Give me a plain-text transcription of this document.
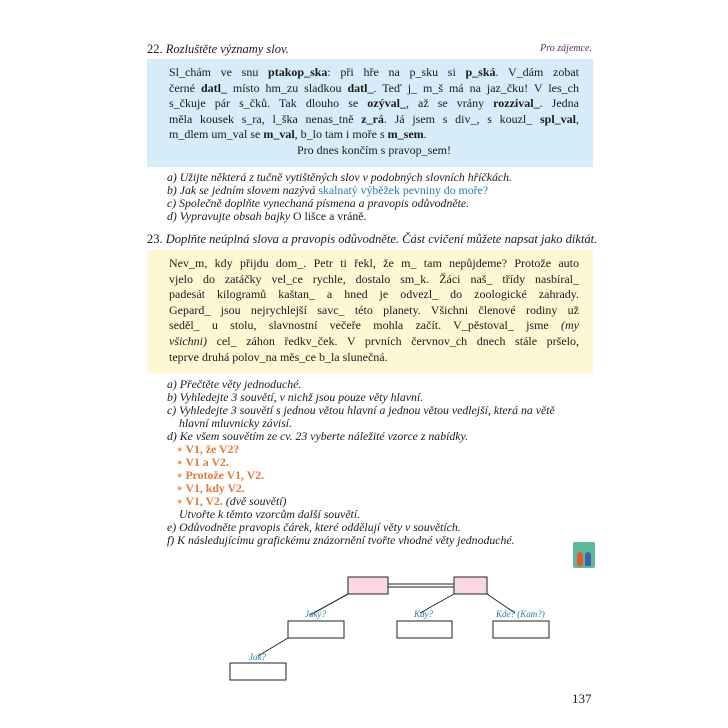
22. Rozluštěte významy slov.	Pro zájemce.

Sl_chám ve snu ptakop_ska: při hře na p_sku si p_ská. V_dám zobat

černé datl_ místo hm_zu sladkou datl_. Teď j_ m_š má na jaz_čku! V les_ch

s_čkuje pár s_čků. Tak dlouho se ozýval_, až se vrány rozzíval_. Jedna

měla kousek s_ra, l_ška nenas_tně z_rá. Já jsem s div_, s kouzl_ spl_val,

m_dlem um_val se m_val, b_lo tam i moře s m_sem.

Pro dnes končím s pravop_sem!

a) Užijte některá z tučně vytištěných slov v podobných slovních hříčkách.
b) Jak se jedním slovem nazývá skalnatý výběžek pevniny do moře?
c) Společně doplňte vynechaná písmena a pravopis odůvodněte.
d) Vypravujte obsah bajky O lišce a vráně.
23. Doplňte neúplná slova a pravopis odůvodněte. Část cvičení můžete napsat jako diktát.

Nev_m, kdy přijdu dom_. Petr ti řekl, že m_ tam nepůjdeme? Protože auto

vjelo do zatáčky vel_ce rychle, dostalo sm_k. Žáci naš_ třídy nasbíral_

padesát kilogramů kaštan_ a hned je odvezl_ do zoologické zahrady.

Gepard_ jsou nejrychlejší savc_ této planety. Všichni členové rodiny už

seděl_ u stolu, slavnostní večeře mohla začít. V_pěstoval_ jsme (my

všichni) cel_ záhon ředkv_ček. V prvních červnov_ch dnech stále pršelo,

teprve druhá polov_na měs_ce b_la slunečná.

a) Přečtěte věty jednoduché.
b) Vyhledejte 3 souvětí, v nichž jsou pouze věty hlavní.
c) Vyhledejte 3 souvětí s jednou větou hlavní a jednou větou vedlejší, která na větě
hlavní mluvnicky závisí.
d) Ke všem souvětím ze cv. 23 vyberte náležité vzorce z nabídky.
● V1, že V2?
● V1 a V2.
● Protože V1, V2.
● V1, kdy V2.
● V1, V2. (dvě souvětí)
Utvořte k těmto vzorcům další souvětí.
e) Odůvodněte pravopis čárek, které oddělují věty v souvětích.
f) K následujícímu grafickému znázornění tvořte vhodné věty jednoduché.
Jaký?	Kdy?	Kde? (Kam?)
Jak?
137
